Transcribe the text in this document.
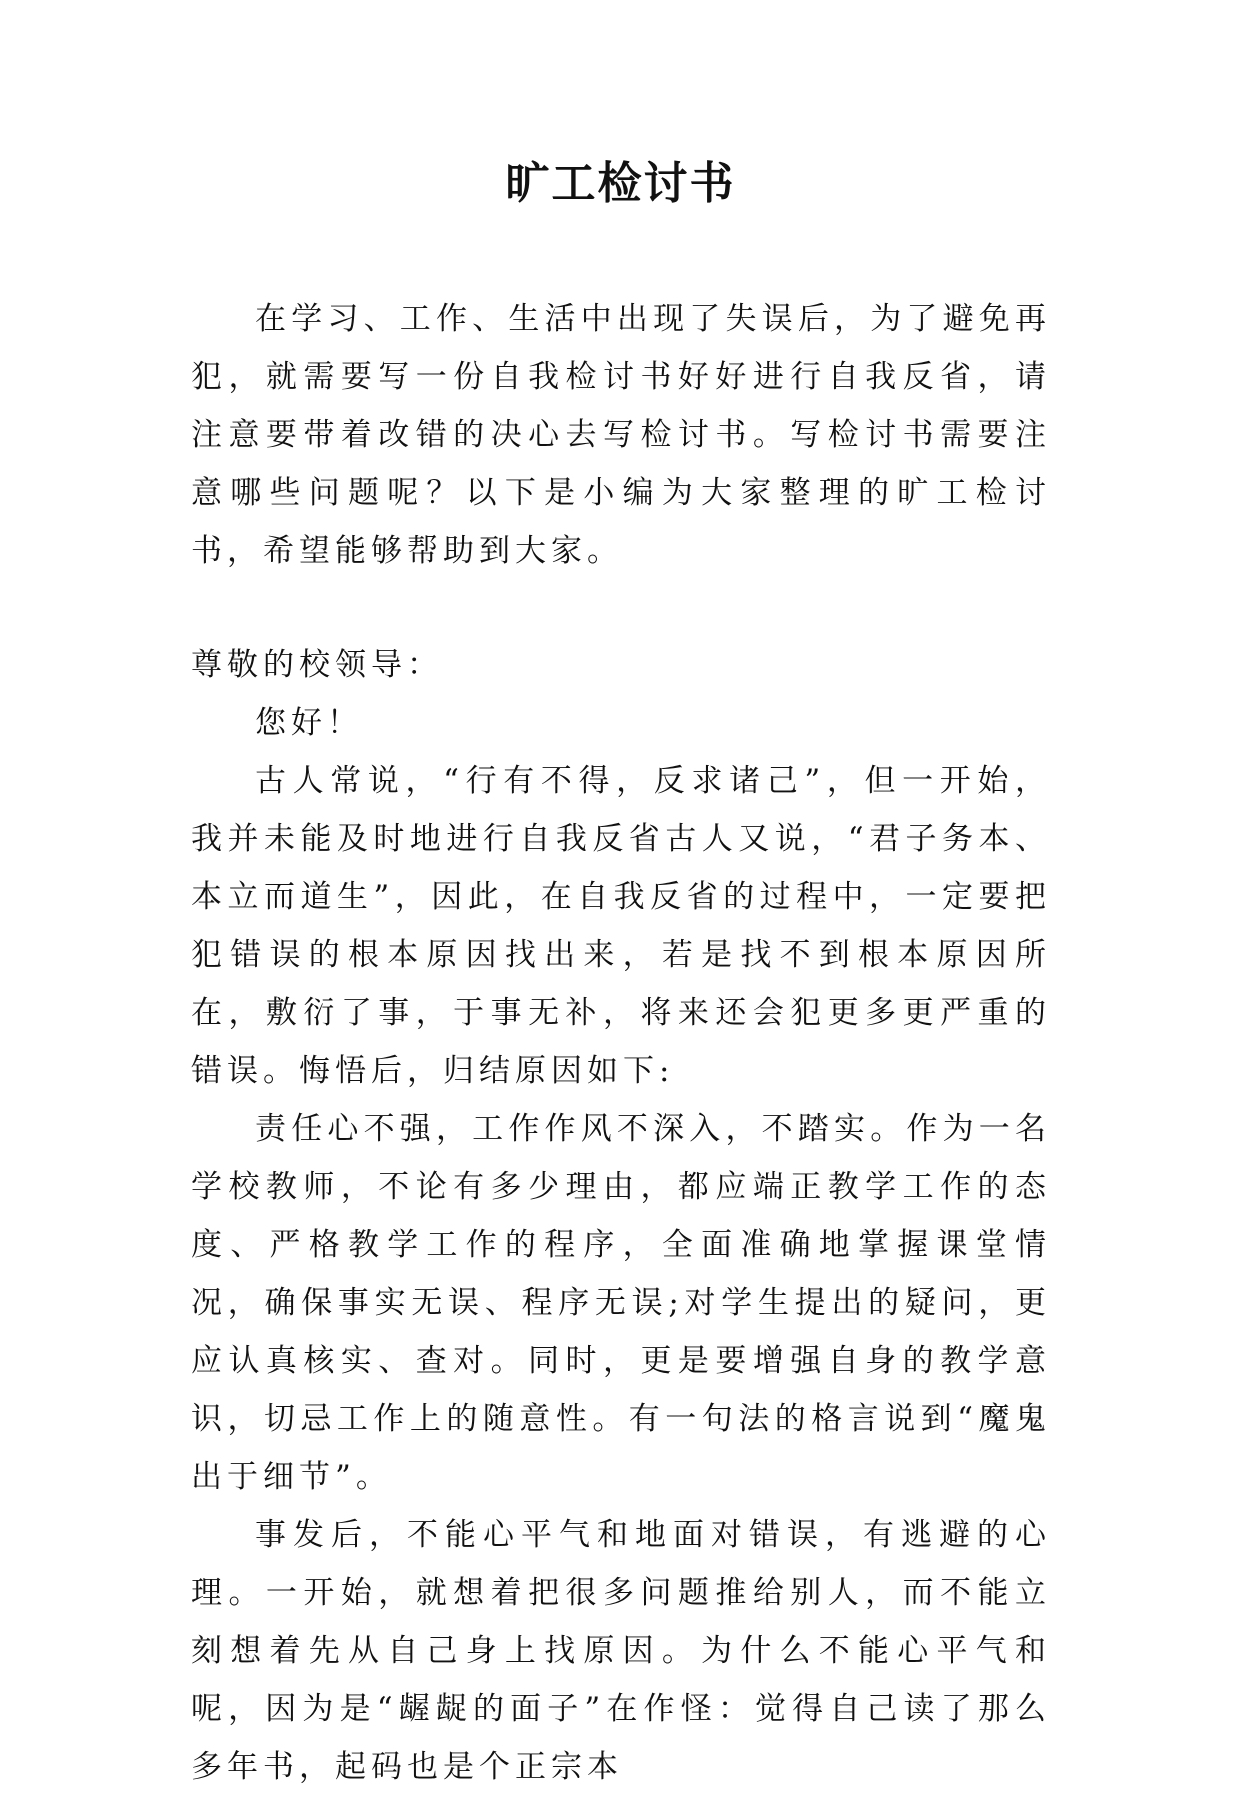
旷工检讨书

在学习、工作、生活中出现了失误后，为了避免再犯，就需要写一份自我检讨书好好进行自我反省，请注意要带着改错的决心去写检讨书。写检讨书需要注意哪些问题呢？以下是小编为大家整理的旷工检讨书，希望能够帮助到大家。

尊敬的校领导：

您好！

古人常说，“行有不得，反求诸己”，但一开始，我并未能及时地进行自我反省古人又说，“君子务本、本立而道生”，因此，在自我反省的过程中，一定要把犯错误的根本原因找出来，若是找不到根本原因所在，敷衍了事，于事无补，将来还会犯更多更严重的错误。悔悟后，归结原因如下:

责任心不强，工作作风不深入，不踏实。作为一名学校教师，不论有多少理由，都应端正教学工作的态度、严格教学工作的程序，全面准确地掌握课堂情况，确保事实无误、程序无误;对学生提出的疑问，更应认真核实、查对。同时，更是要增强自身的教学意识，切忌工作上的随意性。有一句法的格言说到“魔鬼出于细节”。

事发后，不能心平气和地面对错误，有逃避的心理。一开始，就想着把很多问题推给别人，而不能立刻想着先从自己身上找原因。为什么不能心平气和呢，因为是“龌龊的面子”在作怪：觉得自己读了那么多年书，起码也是个正宗本
